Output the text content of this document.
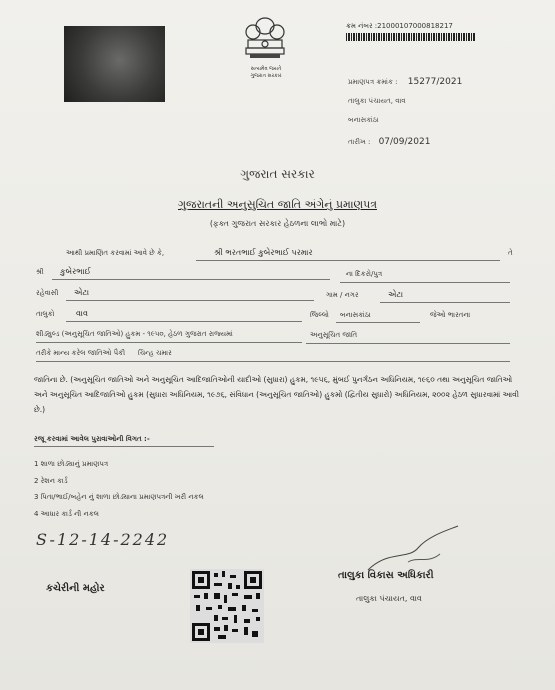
સત્યમેવ જયતે
ગુજરાત સરકાર
ક્રમ નંબર :21000107000818217
પ્રમાણપત્ર ક્રમાંક : 15277/2021
તાલુકા પંચાયત, વાવ
બનાસકાંઠા
તારીખ : 07/09/2021
ગુજરાત સરકાર
ગુજરાતની અનુસુચિત જાતિ અંગેનું પ્રમાણપત્ર
(ફક્ત ગુજરાત સરકાર હેઠળના લાભો માટે)
આથી પ્રમાણિત કરવામાં આવે છે કે,	શ્રી ભરતભાઈ કુબેરભાઈ પરમાર	તે
શ્રી કુબેરભાઈ	ના દિકરો/પુત્ર
રહેવાસી એટા	ગામ / નગર	એટા
તાલુકો	વાવ	જિલ્લો બનાસકાંઠા	જેઓ ભારતના
શીડ્યુલ્ડ (અનુસૂચિત જાતિઓ) હુકમ - ૧૯૫૦, હેઠળ ગુજરાત રાજ્યમાં	અનુસૂચિત જાતિ
તરીકે માન્ય કરેલ જાતિઓ પૈકી ચિન્હ ચમાર
જાતિના છે. (અનુસૂચિત જાતિઓ અને અનુસૂચિત આદિજાતિઓની યાદીઓ (સુધારા) હુકમ, ૧૯૫૬, મુંબઈ પુનર્ગઠન અધિનિયમ, ૧૯૬૦ તથા અનુસૂચિત જાતિઓ અને અનુસૂચિત આદિજાતિઓ હુકમ (સુધારા અધિનિયમ, ૧૯૭૬, સંવિધાન (અનુસૂચિત જાતિઓ) હુકમો (દ્વિતીય સુધારો) અધિનિયમ, ૨૦૦૨ હેઠળ સુધારવામાં આવી છે.)
રજૂ કરવામાં આવેલ પુરાવાઓની વિગત :-
1 શાળા છોડ્યાનું પ્રમાણપત્ર
2 રેશન કાર્ડ
3 પિતા/ભાઈ/બહેન નું શાળા છોડ્યાના પ્રમાણપત્રની ખરી નકલ
4 આધાર કાર્ડ ની નકલ
S-12-14-2242
કચેરીની મહોર
તાલુકા વિકાસ અધિકારી
તાલુકા પંચાયત, વાવ
